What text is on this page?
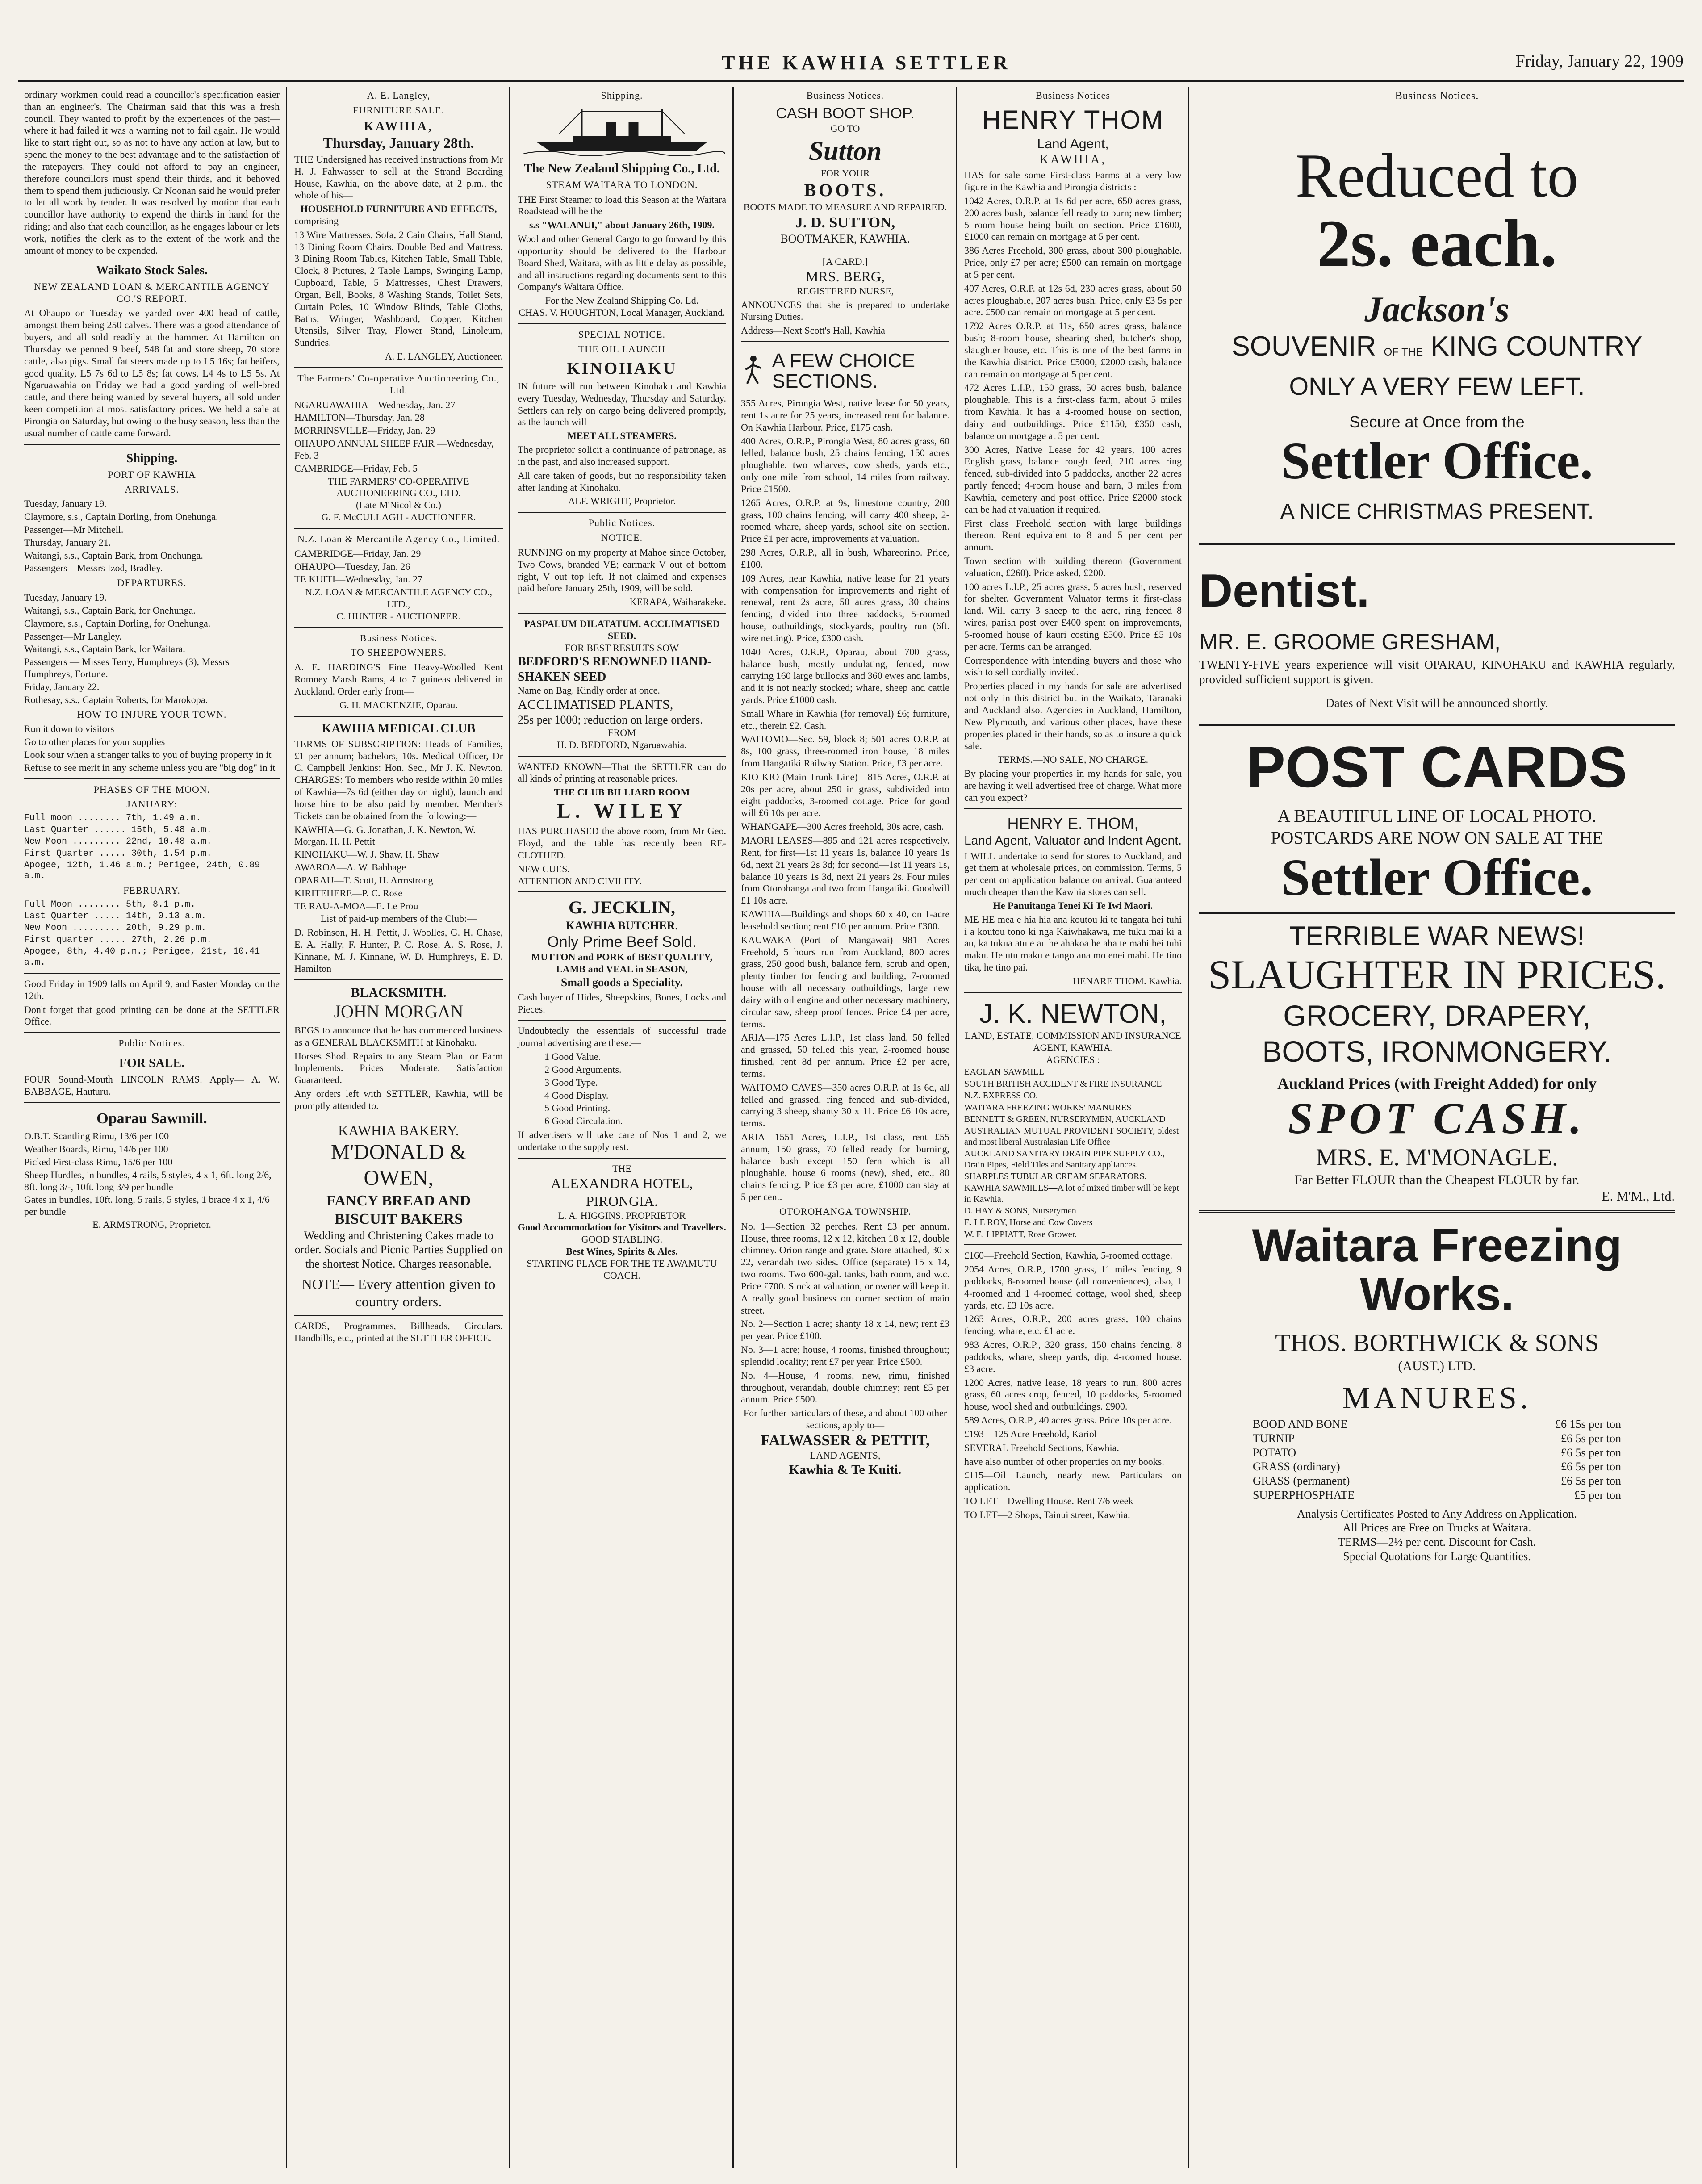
THE KAWHIA SETTLER	Friday, January 22, 1909

ordinary workmen could read a councillor's specification easier than an engineer's. The Chairman said that this was a fresh council. They wanted to profit by the experiences of the past—where it had failed it was a warning not to fail again. He would like to start right out, so as not to have any action at law, but to spend the money to the best advantage and to the satisfaction of the ratepayers. They could not afford to pay an engineer, therefore councillors must spend their thirds, and it behoved them to spend them judiciously. Cr Noonan said he would prefer to let all work by tender. It was resolved by motion that each councillor have authority to expend the thirds in hand for the riding; and also that each councillor, as he engages labour or lets work, notifies the clerk as to the extent of the work and the amount of money to be expended.

Waikato Stock Sales.
NEW ZEALAND LOAN & MERCANTILE AGENCY CO.'S REPORT.

At Ohaupo on Tuesday we yarded over 400 head of cattle, amongst them being 250 calves. There was a good attendance of buyers, and all sold readily at the hammer. At Hamilton on Thursday we penned 9 beef, 548 fat and store sheep, 70 store cattle, also pigs. Small fat steers made up to L5 16s; fat heifers, good quality, L5 7s 6d to L5 8s; fat cows, L4 4s to L5 5s. At Ngaruawahia on Friday we had a good yarding of well-bred cattle, and there being wanted by several buyers, all sold under keen competition at most satisfactory prices. We held a sale at Pirongia on Saturday, but owing to the busy season, less than the usual number of cattle came forward.

Shipping.
PORT OF KAWHIA
ARRIVALS.
Tuesday, January 19.
Claymore, s.s., Captain Dorling, from Onehunga.
Passenger—Mr Mitchell.
Thursday, January 21.
Waitangi, s.s., Captain Bark, from Onehunga.
Passengers—Messrs Izod, Bradley.
DEPARTURES.
Tuesday, January 19.
Waitangi, s.s., Captain Bark, for Onehunga.
Claymore, s.s., Captain Dorling, for Onehunga.
Passenger—Mr Langley.
Waitangi, s.s., Captain Bark, for Waitara.
Passengers — Misses Terry, Humphreys (3), Messrs Humphreys, Fortune.
Friday, January 22.
Rothesay, s.s., Captain Roberts, for Marokopa.
HOW TO INJURE YOUR TOWN.
Run it down to visitors
Go to other places for your supplies
Look sour when a stranger talks to you of buying property in it
Refuse to see merit in any scheme unless you are "big dog" in it
PHASES OF THE MOON.
JANUARY:
Full moon ........ 7th, 1.49 a.m.
Last Quarter ...... 15th, 5.48 a.m.
New Moon ......... 22nd, 10.48 a.m.
First Quarter ..... 30th, 1.54 p.m.
Apogee, 12th, 1.46 a.m.; Perigee, 24th, 0.89 a.m.
FEBRUARY.
Full Moon ........ 5th, 8.1 p.m.
Last Quarter ..... 14th, 0.13 a.m.
New Moon ......... 20th, 9.29 p.m.
First quarter ..... 27th, 2.26 p.m.
Apogee, 8th, 4.40 p.m.; Perigee, 21st, 10.41 a.m.

Good Friday in 1909 falls on April 9, and Easter Monday on the 12th.

Don't forget that good printing can be done at the SETTLER Office.

Public Notices.
FOR SALE.

FOUR Sound-Mouth LINCOLN RAMS. Apply— A. W. BABBAGE, Hauturu.

Oparau Sawmill.
O.B.T. Scantling Rimu, 13/6 per 100
Weather Boards, Rimu, 14/6 per 100
Picked First-class Rimu, 15/6 per 100
Sheep Hurdles, in bundles, 4 rails, 5 styles, 4 x 1, 6ft. long 2/6, 8ft. long 3/-, 10ft. long 3/9 per bundle
Gates in bundles, 10ft. long, 5 rails, 5 styles, 1 brace 4 x 1, 4/6 per bundle
E. ARMSTRONG, Proprietor.
A. E. Langley,
FURNITURE SALE.
KAWHIA,
Thursday, January 28th.

THE Undersigned has received instructions from Mr H. J. Fahwasser to sell at the Strand Boarding House, Kawhia, on the above date, at 2 p.m., the whole of his—

HOUSEHOLD FURNITURE AND EFFECTS,
comprising—

13 Wire Mattresses, Sofa, 2 Cain Chairs, Hall Stand, 13 Dining Room Chairs, Double Bed and Mattress, 3 Dining Room Tables, Kitchen Table, Small Table, Clock, 8 Pictures, 2 Table Lamps, Swinging Lamp, Cupboard, Table, 5 Mattresses, Chest Drawers, Organ, Bell, Books, 8 Washing Stands, Toilet Sets, Curtain Poles, 10 Window Blinds, Table Cloths, Baths, Wringer, Washboard, Copper, Kitchen Utensils, Silver Tray, Flower Stand, Linoleum, Sundries.

A. E. LANGLEY, Auctioneer.
The Farmers' Co-operative Auctioneering Co., Ltd.
NGARUAWAHIA—Wednesday, Jan. 27
HAMILTON—Thursday, Jan. 28
MORRINSVILLE—Friday, Jan. 29
OHAUPO ANNUAL SHEEP FAIR —Wednesday, Feb. 3
CAMBRIDGE—Friday, Feb. 5
THE FARMERS' CO-OPERATIVE AUCTIONEERING CO., LTD.
(Late M'Nicol & Co.)
G. F. McCULLAGH - AUCTIONEER.
N.Z. Loan & Mercantile Agency Co., Limited.
CAMBRIDGE—Friday, Jan. 29
OHAUPO—Tuesday, Jan. 26
TE KUITI—Wednesday, Jan. 27
N.Z. LOAN & MERCANTILE AGENCY CO., LTD.,
C. HUNTER - AUCTIONEER.
Business Notices.
TO SHEEPOWNERS.

A. E. HARDING'S Fine Heavy-Woolled Kent Romney Marsh Rams, 4 to 7 guineas delivered in Auckland. Order early from—

G. H. MACKENZIE, Oparau.
KAWHIA MEDICAL CLUB

TERMS OF SUBSCRIPTION: Heads of Families, £1 per annum; bachelors, 10s. Medical Officer, Dr C. Campbell Jenkins: Hon. Sec., Mr J. K. Newton. CHARGES: To members who reside within 20 miles of Kawhia—7s 6d (either day or night), launch and horse hire to be also paid by member. Member's Tickets can be obtained from the following:—

KAWHIA—G. G. Jonathan, J. K. Newton, W. Morgan, H. H. Pettit
KINOHAKU—W. J. Shaw, H. Shaw
AWAROA—A. W. Babbage
OPARAU—T. Scott, H. Armstrong
KIRITEHERE—P. C. Rose
TE RAU-A-MOA—E. Le Prou
List of paid-up members of the Club:—

D. Robinson, H. H. Pettit, J. Woolles, G. H. Chase, E. A. Hally, F. Hunter, P. C. Rose, A. S. Rose, J. Kinnane, M. J. Kinnane, W. D. Humphreys, E. D. Hamilton

BLACKSMITH.
JOHN MORGAN

BEGS to announce that he has commenced business as a GENERAL BLACKSMITH at Kinohaku.

Horses Shod. Repairs to any Steam Plant or Farm Implements. Prices Moderate. Satisfaction Guaranteed.

Any orders left with SETTLER, Kawhia, will be promptly attended to.

KAWHIA BAKERY.
M'DONALD & OWEN,
FANCY BREAD AND BISCUIT BAKERS
Wedding and Christening Cakes made to order. Socials and Picnic Parties Supplied on the shortest Notice. Charges reasonable.
NOTE— Every attention given to country orders.

CARDS, Programmes, Billheads, Circulars, Handbills, etc., printed at the SETTLER OFFICE.

Shipping.
The New Zealand Shipping Co., Ltd.
STEAM WAITARA TO LONDON.

THE First Steamer to load this Season at the Waitara Roadstead will be the

s.s "WALANUI," about January 26th, 1909.

Wool and other General Cargo to go forward by this opportunity should be delivered to the Harbour Board Shed, Waitara, with as little delay as possible, and all instructions regarding documents sent to this Company's Waitara Office.

For the New Zealand Shipping Co. Ld.
CHAS. V. HOUGHTON, Local Manager, Auckland.
SPECIAL NOTICE.
THE OIL LAUNCH
KINOHAKU

IN future will run between Kinohaku and Kawhia every Tuesday, Wednesday, Thursday and Saturday. Settlers can rely on cargo being delivered promptly, as the launch will

MEET ALL STEAMERS.

The proprietor solicit a continuance of patronage, as in the past, and also increased support.

All care taken of goods, but no responsibility taken after landing at Kinohaku.

ALF. WRIGHT, Proprietor.
Public Notices.
NOTICE.

RUNNING on my property at Mahoe since October, Two Cows, branded VE; earmark V out of bottom right, V out top left. If not claimed and expenses paid before January 25th, 1909, will be sold.

KERAPA, Waiharakeke.
PASPALUM DILATATUM. ACCLIMATISED SEED.
FOR BEST RESULTS SOW
BEDFORD'S RENOWNED HAND-SHAKEN SEED
Name on Bag. Kindly order at once.
ACCLIMATISED PLANTS,
25s per 1000; reduction on large orders.
FROM
H. D. BEDFORD, Ngaruawahia.

WANTED KNOWN—That the SETTLER can do all kinds of printing at reasonable prices.

THE CLUB BILLIARD ROOM
L. WILEY

HAS PURCHASED the above room, from Mr Geo. Floyd, and the table has recently been RE-CLOTHED.

NEW CUES.
ATTENTION AND CIVILITY.
G. JECKLIN,
KAWHIA BUTCHER.
Only Prime Beef Sold.
MUTTON and PORK of BEST QUALITY,
LAMB and VEAL in SEASON,
Small goods a Speciality.

Cash buyer of Hides, Sheepskins, Bones, Locks and Pieces.

Undoubtedly the essentials of successful trade journal advertising are these:—

1 Good Value.
2 Good Arguments.
3 Good Type.
4 Good Display.
5 Good Printing.
6 Good Circulation.

If advertisers will take care of Nos 1 and 2, we undertake to the supply rest.

THE
ALEXANDRA HOTEL, PIRONGIA.
L. A. HIGGINS. PROPRIETOR
Good Accommodation for Visitors and Travellers.
GOOD STABLING.
Best Wines, Spirits & Ales.
STARTING PLACE FOR THE TE AWAMUTU COACH.
Business Notices.
CASH BOOT SHOP.
GO TO
Sutton
FOR YOUR
BOOTS.
BOOTS MADE TO MEASURE AND REPAIRED.
J. D. SUTTON,
BOOTMAKER, KAWHIA.
[A CARD.]
MRS. BERG,
REGISTERED NURSE,

ANNOUNCES that she is prepared to undertake Nursing Duties.

Address—Next Scott's Hall, Kawhia
A FEW CHOICE SECTIONS.

355 Acres, Pirongia West, native lease for 50 years, rent 1s acre for 25 years, increased rent for balance. On Kawhia Harbour. Price, £175 cash.

400 Acres, O.R.P., Pirongia West, 80 acres grass, 60 felled, balance bush, 25 chains fencing, 150 acres ploughable, two wharves, cow sheds, yards etc., only one mile from school, 14 miles from railway. Price £1500.

1265 Acres, O.R.P. at 9s, limestone country, 200 grass, 100 chains fencing, will carry 400 sheep, 2-roomed whare, sheep yards, school site on section. Price £1 per acre, improvements at valuation.

298 Acres, O.R.P., all in bush, Whareorino. Price, £100.

109 Acres, near Kawhia, native lease for 21 years with compensation for improvements and right of renewal, rent 2s acre, 50 acres grass, 30 chains fencing, divided into three paddocks, 5-roomed house, outbuildings, stockyards, poultry run (6ft. wire netting). Price, £300 cash.

1040 Acres, O.R.P., Oparau, about 700 grass, balance bush, mostly undulating, fenced, now carrying 160 large bullocks and 360 ewes and lambs, and it is not nearly stocked; whare, sheep and cattle yards. Price £1000 cash.

Small Whare in Kawhia (for removal) £6; furniture, etc., therein £2. Cash.

WAITOMO—Sec. 59, block 8; 501 acres O.R.P. at 8s, 100 grass, three-roomed iron house, 18 miles from Hangatiki Railway Station. Price, £3 per acre.

KIO KIO (Main Trunk Line)—815 Acres, O.R.P. at 20s per acre, about 250 in grass, subdivided into eight paddocks, 3-roomed cottage. Price for good will £6 10s per acre.

WHANGAPE—300 Acres freehold, 30s acre, cash.

MAORI LEASES—895 and 121 acres respectively. Rent, for first—1st 11 years 1s, balance 10 years 1s 6d, next 21 years 2s 3d; for second—1st 11 years 1s, balance 10 years 1s 3d, next 21 years 2s. Four miles from Otorohanga and two from Hangatiki. Goodwill £1 10s acre.

KAWHIA—Buildings and shops 60 x 40, on 1-acre leasehold section; rent £10 per annum. Price £300.

KAUWAKA (Port of Mangawai)—981 Acres Freehold, 5 hours run from Auckland, 800 acres grass, 250 good bush, balance fern, scrub and open, plenty timber for fencing and building, 7-roomed house with all necessary outbuildings, large new dairy with oil engine and other necessary machinery, circular saw, sheep proof fences. Price £4 per acre, terms.

ARIA—175 Acres L.I.P., 1st class land, 50 felled and grassed, 50 felled this year, 2-roomed house finished, rent 8d per annum. Price £2 per acre, terms.

WAITOMO CAVES—350 acres O.R.P. at 1s 6d, all felled and grassed, ring fenced and sub-divided, carrying 3 sheep, shanty 30 x 11. Price £6 10s acre, terms.

ARIA—1551 Acres, L.I.P., 1st class, rent £55 annum, 150 grass, 70 felled ready for burning, balance bush except 150 fern which is all ploughable, house 6 rooms (new), shed, etc., 80 chains fencing. Price £3 per acre, £1000 can stay at 5 per cent.

OTOROHANGA TOWNSHIP.

No. 1—Section 32 perches. Rent £3 per annum. House, three rooms, 12 x 12, kitchen 18 x 12, double chimney. Orion range and grate. Store attached, 30 x 22, verandah two sides. Office (separate) 15 x 14, two rooms. Two 600-gal. tanks, bath room, and w.c. Price £700. Stock at valuation, or owner will keep it. A really good business on corner section of main street.

No. 2—Section 1 acre; shanty 18 x 14, new; rent £3 per year. Price £100.

No. 3—1 acre; house, 4 rooms, finished throughout; splendid locality; rent £7 per year. Price £500.

No. 4—House, 4 rooms, new, rimu, finished throughout, verandah, double chimney; rent £5 per annum. Price £500.

For further particulars of these, and about 100 other sections, apply to—
FALWASSER & PETTIT,
LAND AGENTS,
Kawhia & Te Kuiti.
Business Notices
HENRY THOM
Land Agent,
KAWHIA,

HAS for sale some First-class Farms at a very low figure in the Kawhia and Pirongia districts :—

1042 Acres, O.R.P. at 1s 6d per acre, 650 acres grass, 200 acres bush, balance fell ready to burn; new timber; 5 room house being built on section. Price £1600, £1000 can remain on mortgage at 5 per cent.

386 Acres Freehold, 300 grass, about 300 ploughable. Price, only £7 per acre; £500 can remain on mortgage at 5 per cent.

407 Acres, O.R.P. at 12s 6d, 230 acres grass, about 50 acres ploughable, 207 acres bush. Price, only £3 5s per acre. £500 can remain on mortgage at 5 per cent.

1792 Acres O.R.P. at 11s, 650 acres grass, balance bush; 8-room house, shearing shed, butcher's shop, slaughter house, etc. This is one of the best farms in the Kawhia district. Price £5000, £2000 cash, balance can remain on mortgage at 5 per cent.

472 Acres L.I.P., 150 grass, 50 acres bush, balance ploughable. This is a first-class farm, about 5 miles from Kawhia. It has a 4-roomed house on section, dairy and outbuildings. Price £1150, £350 cash, balance on mortgage at 5 per cent.

300 Acres, Native Lease for 42 years, 100 acres English grass, balance rough feed, 210 acres ring fenced, sub-divided into 5 paddocks, another 22 acres partly fenced; 4-room house and barn, 3 miles from Kawhia, cemetery and post office. Price £2000 stock can be had at valuation if required.

First class Freehold section with large buildings thereon. Rent equivalent to 8 and 5 per cent per annum.

Town section with building thereon (Government valuation, £260). Price asked, £200.

100 acres L.I.P., 25 acres grass, 5 acres bush, reserved for shelter. Government Valuator terms it first-class land. Will carry 3 sheep to the acre, ring fenced 8 wires, parish post over £400 spent on improvements, 5-roomed house of kauri costing £500. Price £5 10s per acre. Terms can be arranged.

Correspondence with intending buyers and those who wish to sell cordially invited.

Properties placed in my hands for sale are advertised not only in this district but in the Waikato, Taranaki and Auckland also. Agencies in Auckland, Hamilton, New Plymouth, and various other places, have these properties placed in their hands, so as to insure a quick sale.

TERMS.—NO SALE, NO CHARGE.

By placing your properties in my hands for sale, you are having it well advertised free of charge. What more can you expect?

HENRY E. THOM,
Land Agent, Valuator and Indent Agent.

I WILL undertake to send for stores to Auckland, and get them at wholesale prices, on commission. Terms, 5 per cent on application balance on arrival. Guaranteed much cheaper than the Kawhia stores can sell.

He Panuitanga Tenei Ki Te Iwi Maori.

ME HE mea e hia hia ana koutou ki te tangata hei tuhi i a koutou tono ki nga Kaiwhakawa, me tuku mai ki a au, ka tukua atu e au he ahakoa he aha te mahi hei tuhi maku. He utu maku e tango ana mo enei mahi. He tino tika, he tino pai.

HENARE THOM. Kawhia.
J. K. NEWTON,
LAND, ESTATE, COMMISSION AND INSURANCE AGENT, KAWHIA.
AGENCIES :
EAGLAN SAWMILL
SOUTH BRITISH ACCIDENT & FIRE INSURANCE
N.Z. EXPRESS CO.
WAITARA FREEZING WORKS' MANURES
BENNETT & GREEN, NURSERYMEN, AUCKLAND
AUSTRALIAN MUTUAL PROVIDENT SOCIETY, oldest and most liberal Australasian Life Office
AUCKLAND SANITARY DRAIN PIPE SUPPLY CO., Drain Pipes, Field Tiles and Sanitary appliances.
SHARPLES TUBULAR CREAM SEPARATORS.
KAWHIA SAWMILLS—A lot of mixed timber will be kept in Kawhia.
D. HAY & SONS, Nurserymen
E. LE ROY, Horse and Cow Covers
W. E. LIPPIATT, Rose Grower.

£160—Freehold Section, Kawhia, 5-roomed cottage.

2054 Acres, O.R.P., 1700 grass, 11 miles fencing, 9 paddocks, 8-roomed house (all conveniences), also, 1 4-roomed and 1 4-roomed cottage, wool shed, sheep yards, etc. £3 10s acre.

1265 Acres, O.R.P., 200 acres grass, 100 chains fencing, whare, etc. £1 acre.

983 Acres, O.R.P., 320 grass, 150 chains fencing, 8 paddocks, whare, sheep yards, dip, 4-roomed house. £3 acre.

1200 Acres, native lease, 18 years to run, 800 acres grass, 60 acres crop, fenced, 10 paddocks, 5-roomed house, wool shed and outbuildings. £900.

589 Acres, O.R.P., 40 acres grass. Price 10s per acre.

£193—125 Acre Freehold, Kariol

SEVERAL Freehold Sections, Kawhia.

have also number of other properties on my books.

£115—Oil Launch, nearly new. Particulars on application.

TO LET—Dwelling House. Rent 7/6 week

TO LET—2 Shops, Tainui street, Kawhia.

Business Notices.
Reduced to
2s. each.
Jackson's
SOUVENIR OF THE KING COUNTRY
ONLY A VERY FEW LEFT.
Secure at Once from the
Settler Office.
A NICE CHRISTMAS PRESENT.
Dentist.
MR. E. GROOME GRESHAM,

TWENTY-FIVE years experience will visit OPARAU, KINOHAKU and KAWHIA regularly, provided sufficient support is given.

Dates of Next Visit will be announced shortly.
POST CARDS
A BEAUTIFUL LINE OF LOCAL PHOTO.
POSTCARDS ARE NOW ON SALE AT THE
Settler Office.
TERRIBLE WAR NEWS!
SLAUGHTER IN PRICES.
GROCERY, DRAPERY,
BOOTS, IRONMONGERY.
Auckland Prices (with Freight Added) for only
SPOT CASH.
MRS. E. M'MONAGLE.
Far Better FLOUR than the Cheapest FLOUR by far.
E. M'M., Ltd.
Waitara Freezing
Works.
THOS. BORTHWICK & SONS
(AUST.) LTD.
MANURES.
BOOD AND BONE	£6 15s per ton
TURNIP	£6 5s per ton
POTATO	£6 5s per ton
GRASS (ordinary)	£6 5s per ton
GRASS (permanent)	£6 5s per ton
SUPERPHOSPHATE	£5 per ton
Analysis Certificates Posted to Any Address on Application.
All Prices are Free on Trucks at Waitara.
TERMS—2½ per cent. Discount for Cash.
Special Quotations for Large Quantities.
